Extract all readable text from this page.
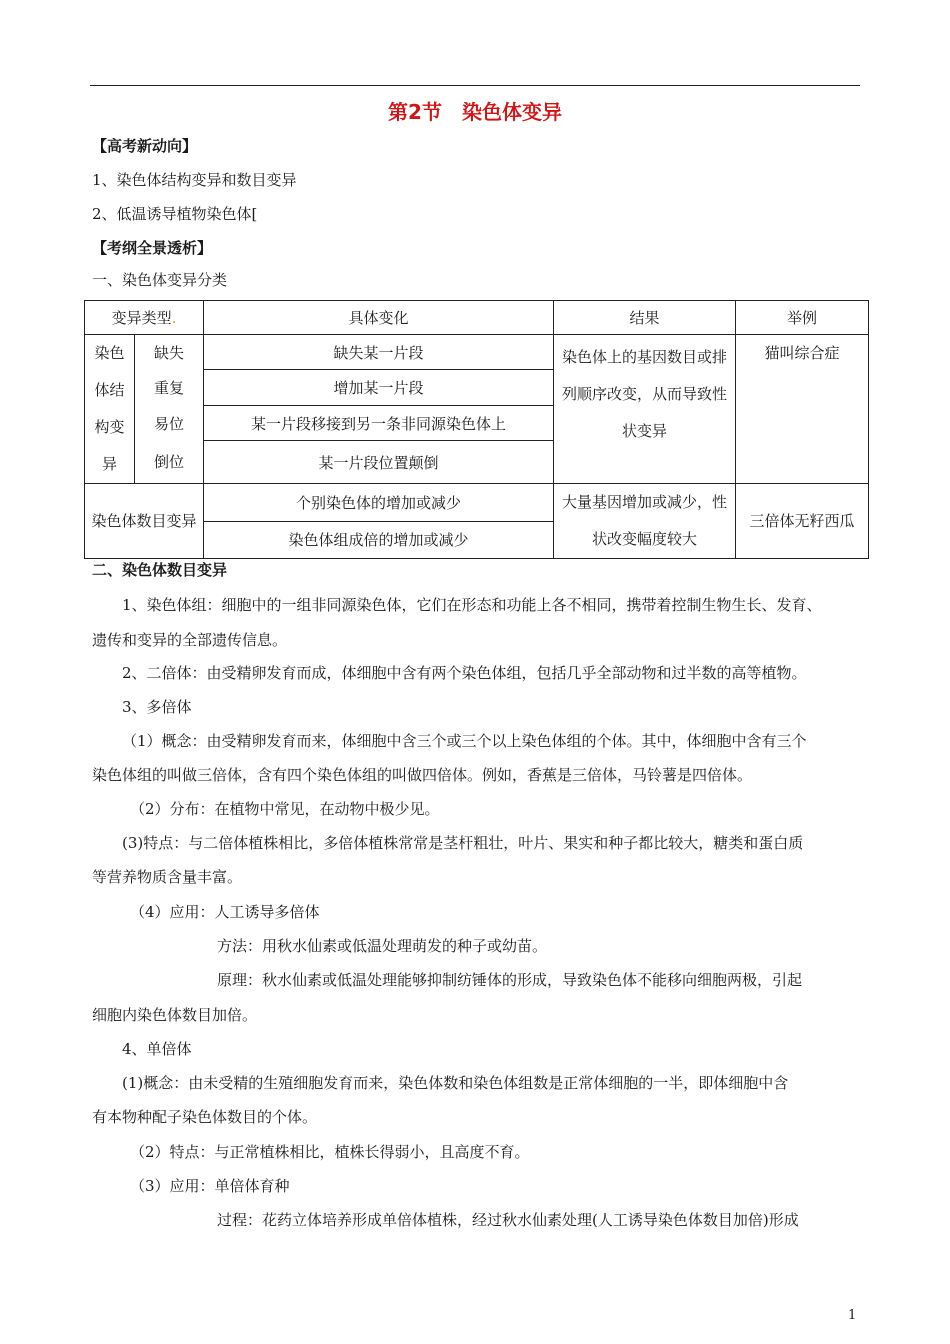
第2节　染色体变异
【高考新动向】
1、染色体结构变异和数目变异
2、低温诱导植物染色体[
【考纲全景透析】
一、染色体变异分类
变异类型.		具体变化	结果	举例
染色体结构变异	缺失	缺失某一片段	染色体上的基因数目或排列顺序改变，从而导致性状变异	猫叫综合症
	重复	增加某一片段		
	易位	某一片段移接到另一条非同源染色体上		
	倒位	某一片段位置颠倒		
染色体数目变异		个别染色体的增加或减少	大量基因增加或减少，性状改变幅度较大	三倍体无籽西瓜
		染色体组成倍的增加或减少		
二、染色体数目变异
1、染色体组：细胞中的一组非同源染色体，它们在形态和功能上各不相同，携带着控制生物生长、发育、
遗传和变异的全部遗传信息。
2、二倍体：由受精卵发育而成，体细胞中含有两个染色体组，包括几乎全部动物和过半数的高等植物。
3、多倍体
（1）概念：由受精卵发育而来，体细胞中含三个或三个以上染色体组的个体。其中，体细胞中含有三个
染色体组的叫做三倍体，含有四个染色体组的叫做四倍体。例如，香蕉是三倍体，马铃薯是四倍体。
（2）分布：在植物中常见，在动物中极少见。
(3)特点：与二倍体植株相比，多倍体植株常常是茎杆粗壮，叶片、果实和种子都比较大，糖类和蛋白质
等营养物质含量丰富。
（4）应用：人工诱导多倍体
方法：用秋水仙素或低温处理萌发的种子或幼苗。
原理：秋水仙素或低温处理能够抑制纺锤体的形成，导致染色体不能移向细胞两极，引起
细胞内染色体数目加倍。
4、单倍体
(1)概念：由未受精的生殖细胞发育而来，染色体数和染色体组数是正常体细胞的一半，即体细胞中含
有本物种配子染色体数目的个体。
（2）特点：与正常植株相比，植株长得弱小，且高度不育。
（3）应用：单倍体育种
过程：花药立体培养形成单倍体植株，经过秋水仙素处理(人工诱导染色体数目加倍)形成
1
